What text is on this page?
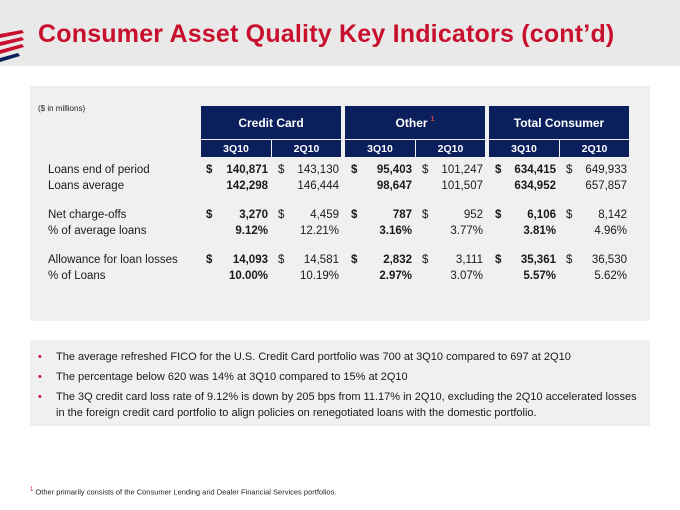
Consumer Asset Quality Key Indicators (cont’d)
($ in millions)
Credit Card	Other $^1$	Total Consumer
3Q10	2Q10	3Q10	2Q10	3Q10	2Q10
Loans end of period	$ 140,871 $ 143,130 $ 95,403 $ 101,247 $ 634,415 $ 649,933
Loans average	142,298	146,444	98,647	101,507	634,952	657,857
Net charge-offs	$ 3,270 $ 4,459 $	787 $	952 $ 6,106 $ 8,142
% of average loans	9.12%	12.21%	3.16%	3.77%	3.81%	4.96%
Allowance for loan losses $ 14,093 $ 14,581 $ 2,832 $ 3,111 $ 35,361 $ 36,530
% of Loans	10.00%	10.19%	2.97%	3.07%	5.57%	5.62%
•	The average refreshed FICO for the U.S. Credit Card portfolio was 700 at 3Q10 compared to 697 at 2Q10
•	The percentage below 620 was 14% at 3Q10 compared to 15% at 2Q10
•	The 3Q credit card loss rate of 9.12% is down by 205 bps from 11.17% in 2Q10, excluding the 2Q10 accelerated losses in the foreign credit card portfolio to align policies on renegotiated loans with the domestic portfolio.
$^1$ Other primarily consists of the Consumer Lending and Dealer Financial Services portfolios.
